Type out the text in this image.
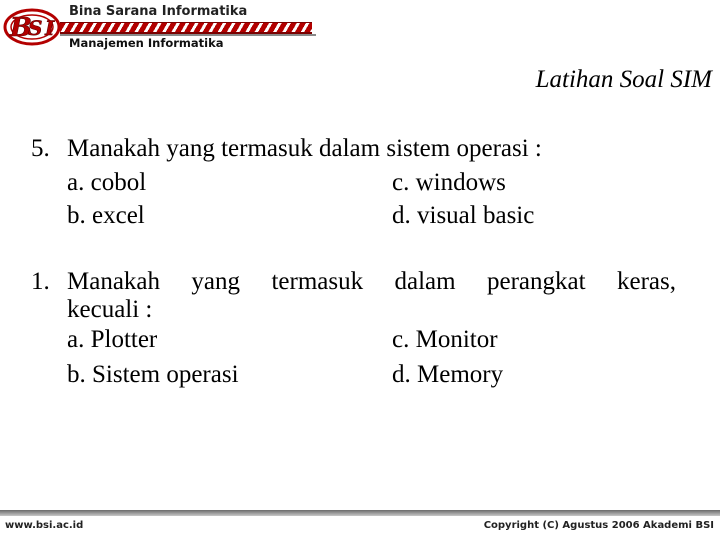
B
S I
Bina Sarana Informatika
Manajemen Informatika
Latihan Soal SIM
5. Manakah yang termasuk dalam sistem operasi :
a. cobol	c. windows
b. excel	d. visual basic
1. Manakah yang termasuk dalam perangkat keras,
kecuali :
a. Plotter	c. Monitor
b. Sistem operasi	d. Memory
www.bsi.ac.id	Copyright (C) Agustus 2006 Akademi BSI
